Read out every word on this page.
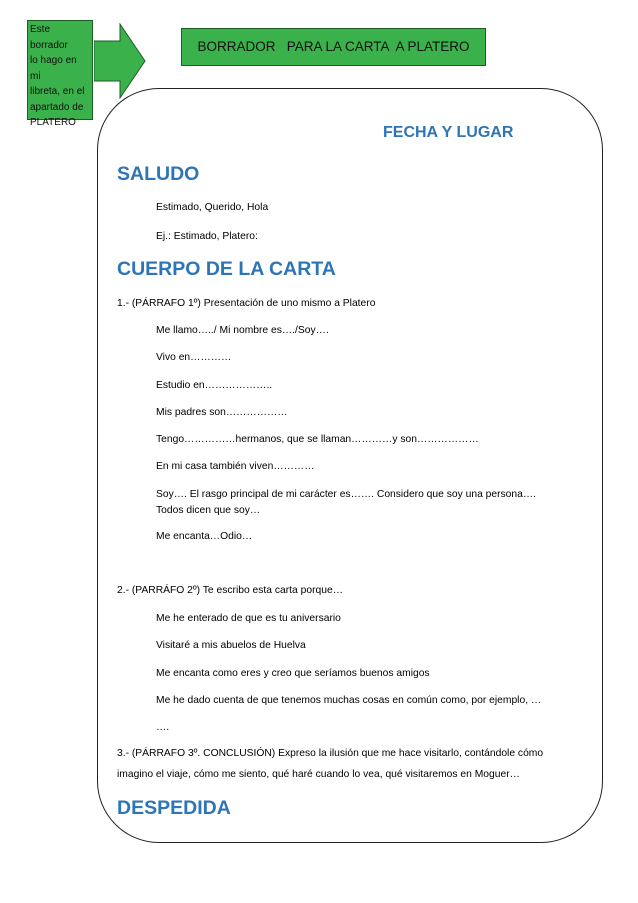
Este borrador
lo hago en mi
libreta, en el
apartado de
PLATERO
BORRADOR   PARA LA CARTA  A PLATERO
FECHA Y LUGAR
SALUDO
Estimado, Querido, Hola
Ej.: Estimado, Platero:
CUERPO DE LA CARTA
1.- (PÁRRAFO 1º) Presentación de uno mismo a Platero
Me llamo…../ Mi nombre es…./Soy….
Vivo en…………
Estudio en………………..
Mis padres son………………
Tengo……………hermanos, que se llaman…………y son………………
En mi casa también viven…………
Soy…. El rasgo principal de mi carácter es……. Considero que soy una persona….
Todos dicen que soy…
Me encanta…Odio…
2.- (PARRÁFO 2º) Te escribo esta carta porque…
Me he enterado de que es tu aniversario
Visitaré a mis abuelos de Huelva
Me encanta como eres y creo que seríamos buenos amigos
Me he dado cuenta de que tenemos muchas cosas en común como, por ejemplo, …
….
3.- (PÁRRAFO 3º. CONCLUSIÓN) Expreso la ilusión que me hace visitarlo, contándole cómo
imagino el viaje, cómo me siento, qué haré cuando lo vea, qué visitaremos en Moguer…
DESPEDIDA
